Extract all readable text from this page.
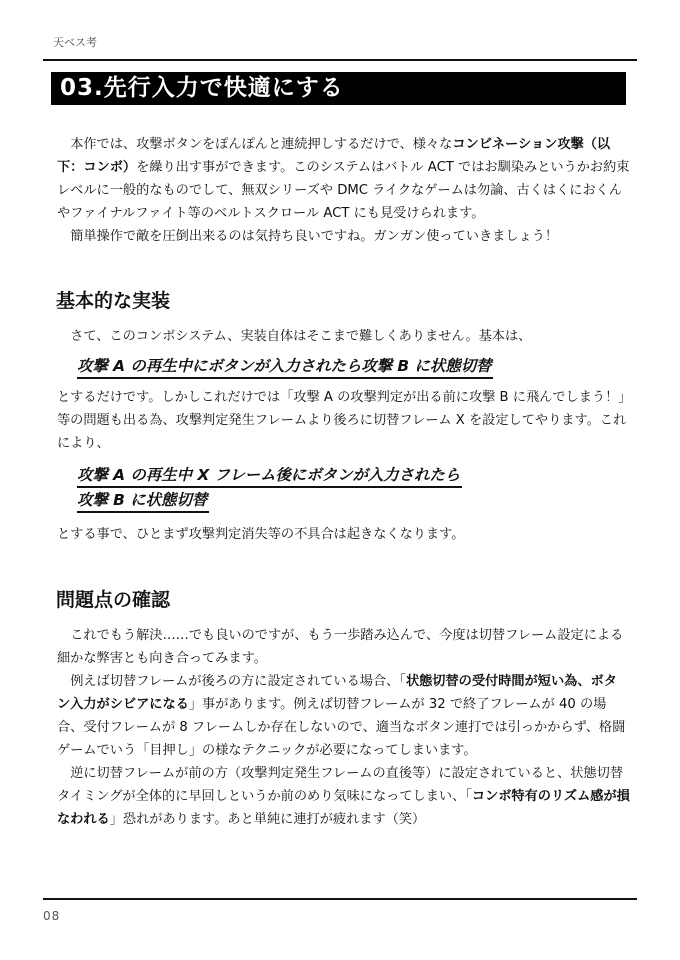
天ベス考
03.先行入力で快適にする

本作では、攻撃ボタンをぽんぽんと連続押しするだけで、様々なコンビネーション攻撃（以下：コンボ）を繰り出す事ができます。このシステムはバトル ACT ではお馴染みというかお約束レベルに一般的なものでして、無双シリーズや DMC ライクなゲームは勿論、古くはくにおくんやファイナルファイト等のベルトスクロール ACT にも見受けられます。

簡単操作で敵を圧倒出来るのは気持ち良いですね。ガンガン使っていきましょう！

基本的な実装

さて、このコンボシステム、実装自体はそこまで難しくありません。基本は、

攻撃 A の再生中にボタンが入力されたら攻撃 B に状態切替

とするだけです。しかしこれだけでは「攻撃 A の攻撃判定が出る前に攻撃 B に飛んでしまう！」等の問題も出る為、攻撃判定発生フレームより後ろに切替フレーム X を設定してやります。これにより、

攻撃 A の再生中 X フレーム後にボタンが入力されたら
攻撃 B に状態切替

とする事で、ひとまず攻撃判定消失等の不具合は起きなくなります。

問題点の確認

これでもう解決……でも良いのですが、もう一歩踏み込んで、今度は切替フレーム設定による細かな弊害とも向き合ってみます。

例えば切替フレームが後ろの方に設定されている場合、「状態切替の受付時間が短い為、ボタン入力がシビアになる」事があります。例えば切替フレームが 32 で終了フレームが 40 の場合、受付フレームが 8 フレームしか存在しないので、適当なボタン連打では引っかからず、格闘ゲームでいう「目押し」の様なテクニックが必要になってしまいます。

逆に切替フレームが前の方（攻撃判定発生フレームの直後等）に設定されていると、状態切替タイミングが全体的に早回しというか前のめり気味になってしまい、「コンボ特有のリズム感が損なわれる」恐れがあります。あと単純に連打が疲れます（笑）

08
